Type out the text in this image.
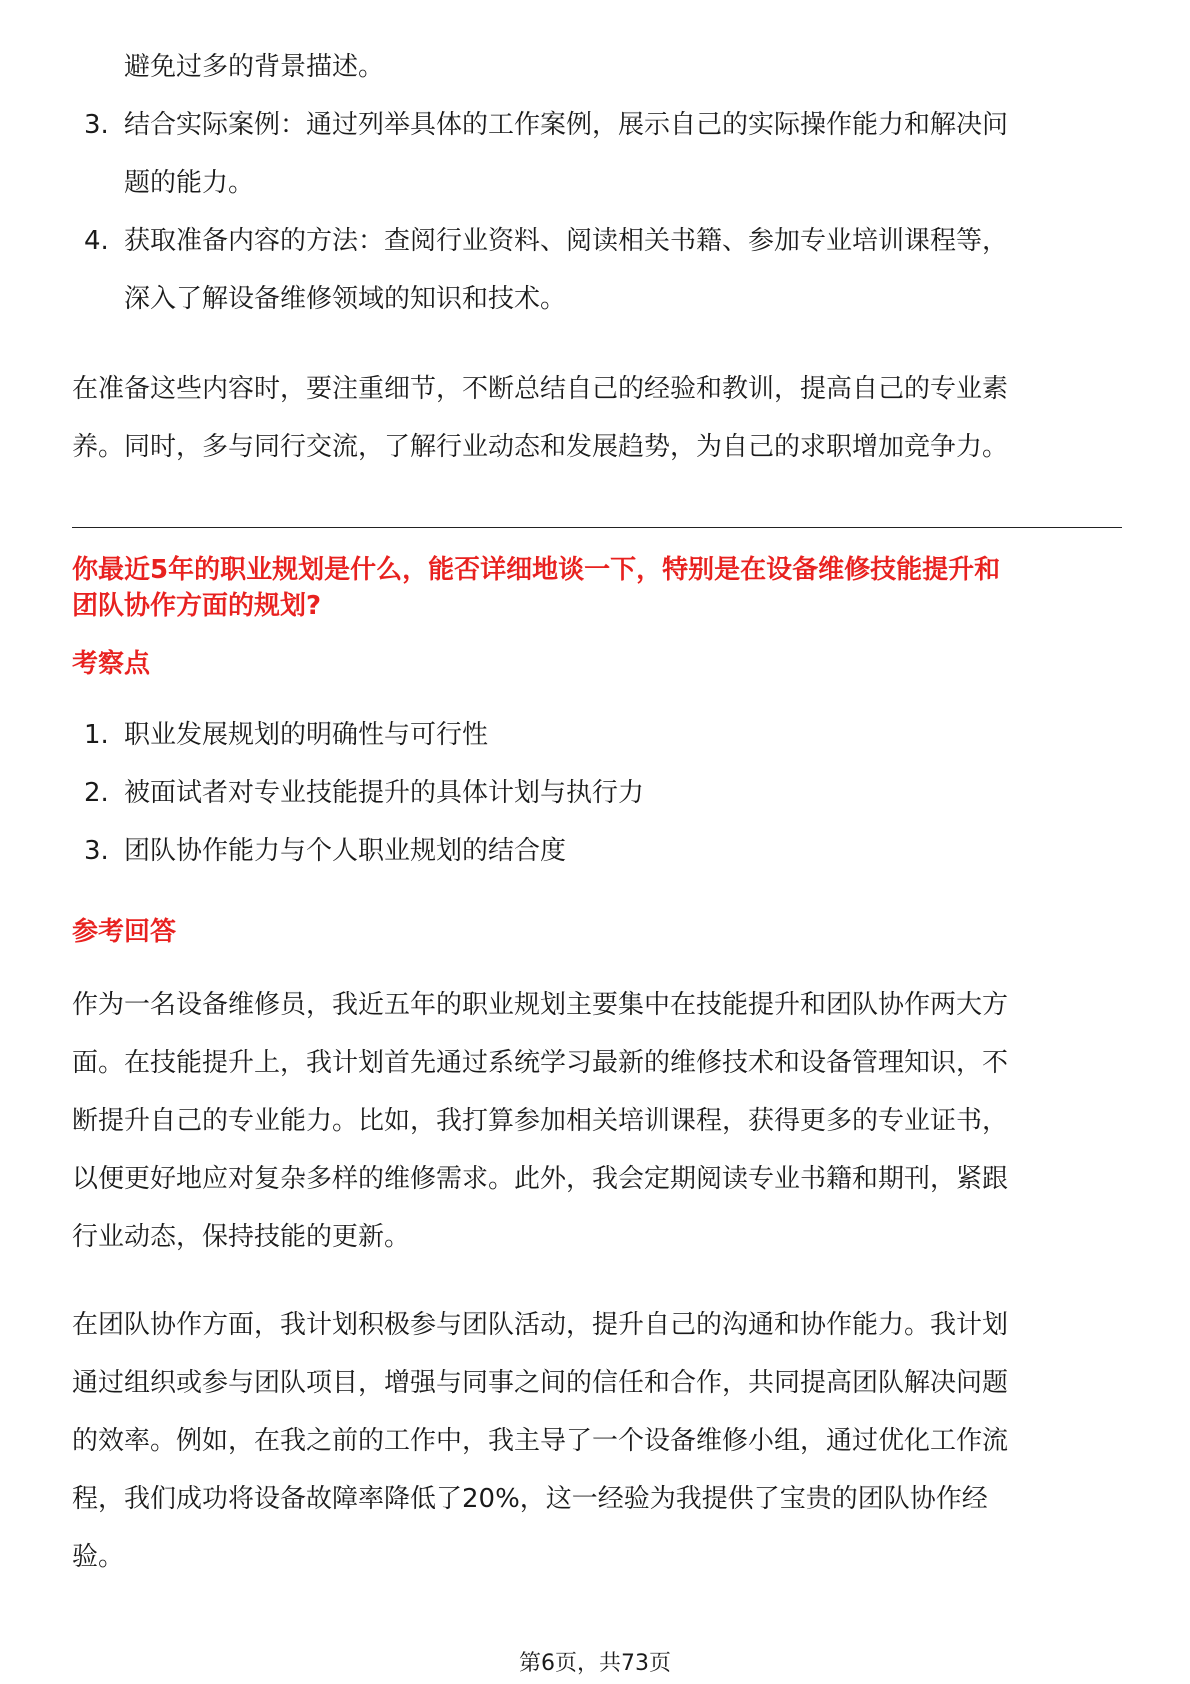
避免过多的背景描述。
3. 结合实际案例：通过列举具体的工作案例，展示自己的实际操作能力和解决问
题的能力。
4. 获取准备内容的方法：查阅行业资料、阅读相关书籍、参加专业培训课程等，
深入了解设备维修领域的知识和技术。
在准备这些内容时，要注重细节，不断总结自己的经验和教训，提高自己的专业素
养。同时，多与同行交流，了解行业动态和发展趋势，为自己的求职增加竞争力。
你最近5年的职业规划是什么，能否详细地谈一下，特别是在设备维修技能提升和
团队协作方面的规划?
考察点
1. 职业发展规划的明确性与可行性
2. 被面试者对专业技能提升的具体计划与执行力
3. 团队协作能力与个人职业规划的结合度
参考回答
作为一名设备维修员，我近五年的职业规划主要集中在技能提升和团队协作两大方
面。在技能提升上，我计划首先通过系统学习最新的维修技术和设备管理知识，不
断提升自己的专业能力。比如，我打算参加相关培训课程，获得更多的专业证书，
以便更好地应对复杂多样的维修需求。此外，我会定期阅读专业书籍和期刊，紧跟
行业动态，保持技能的更新。
在团队协作方面，我计划积极参与团队活动，提升自己的沟通和协作能力。我计划
通过组织或参与团队项目，增强与同事之间的信任和合作，共同提高团队解决问题
的效率。例如，在我之前的工作中，我主导了一个设备维修小组，通过优化工作流
程，我们成功将设备故障率降低了20%，这一经验为我提供了宝贵的团队协作经
验。
第6页，共73页
